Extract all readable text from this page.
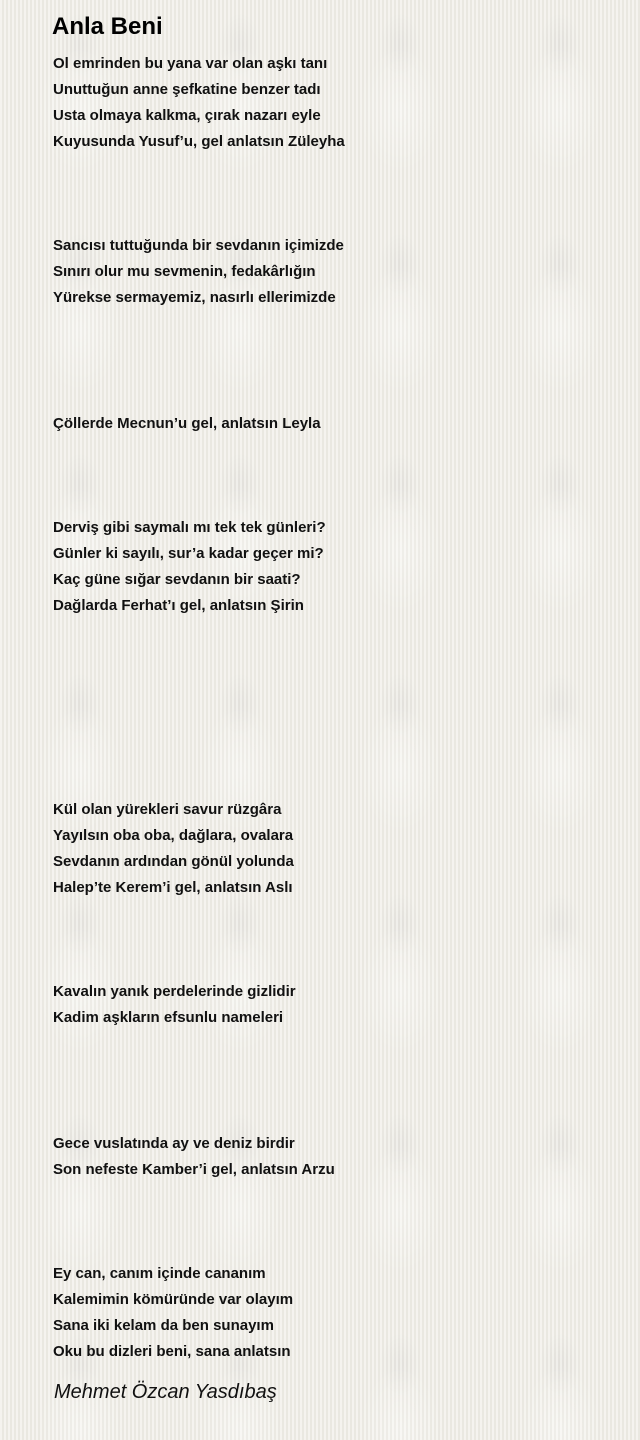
Anla Beni
Ol emrinden bu yana var olan aşkı tanı
Unuttuğun anne şefkatine benzer tadı
Usta olmaya kalkma, çırak nazarı eyle
Kuyusunda Yusuf’u, gel anlatsın Züleyha
Sancısı tuttuğunda bir sevdanın içimizde
Sınırı olur mu sevmenin, fedakârlığın
Yürekse sermayemiz, nasırlı ellerimizde
Çöllerde Mecnun’u gel, anlatsın Leyla
Derviş gibi saymalı mı tek tek günleri?
Günler ki sayılı, sur’a kadar geçer mi?
Kaç güne sığar sevdanın bir saati?
Dağlarda Ferhat’ı gel, anlatsın Şirin
Kül olan yürekleri savur rüzgâra
Yayılsın oba oba, dağlara, ovalara
Sevdanın ardından gönül yolunda
Halep’te Kerem’i gel, anlatsın Aslı
Kavalın yanık perdelerinde gizlidir
Kadim aşkların efsunlu nameleri
Gece vuslatında ay ve deniz birdir
Son nefeste Kamber’i gel, anlatsın Arzu
Ey can, canım içinde cananım
Kalemimin kömüründe var olayım
Sana iki kelam da ben sunayım
Oku bu dizleri beni, sana anlatsın
Mehmet Özcan Yasdıbaş
